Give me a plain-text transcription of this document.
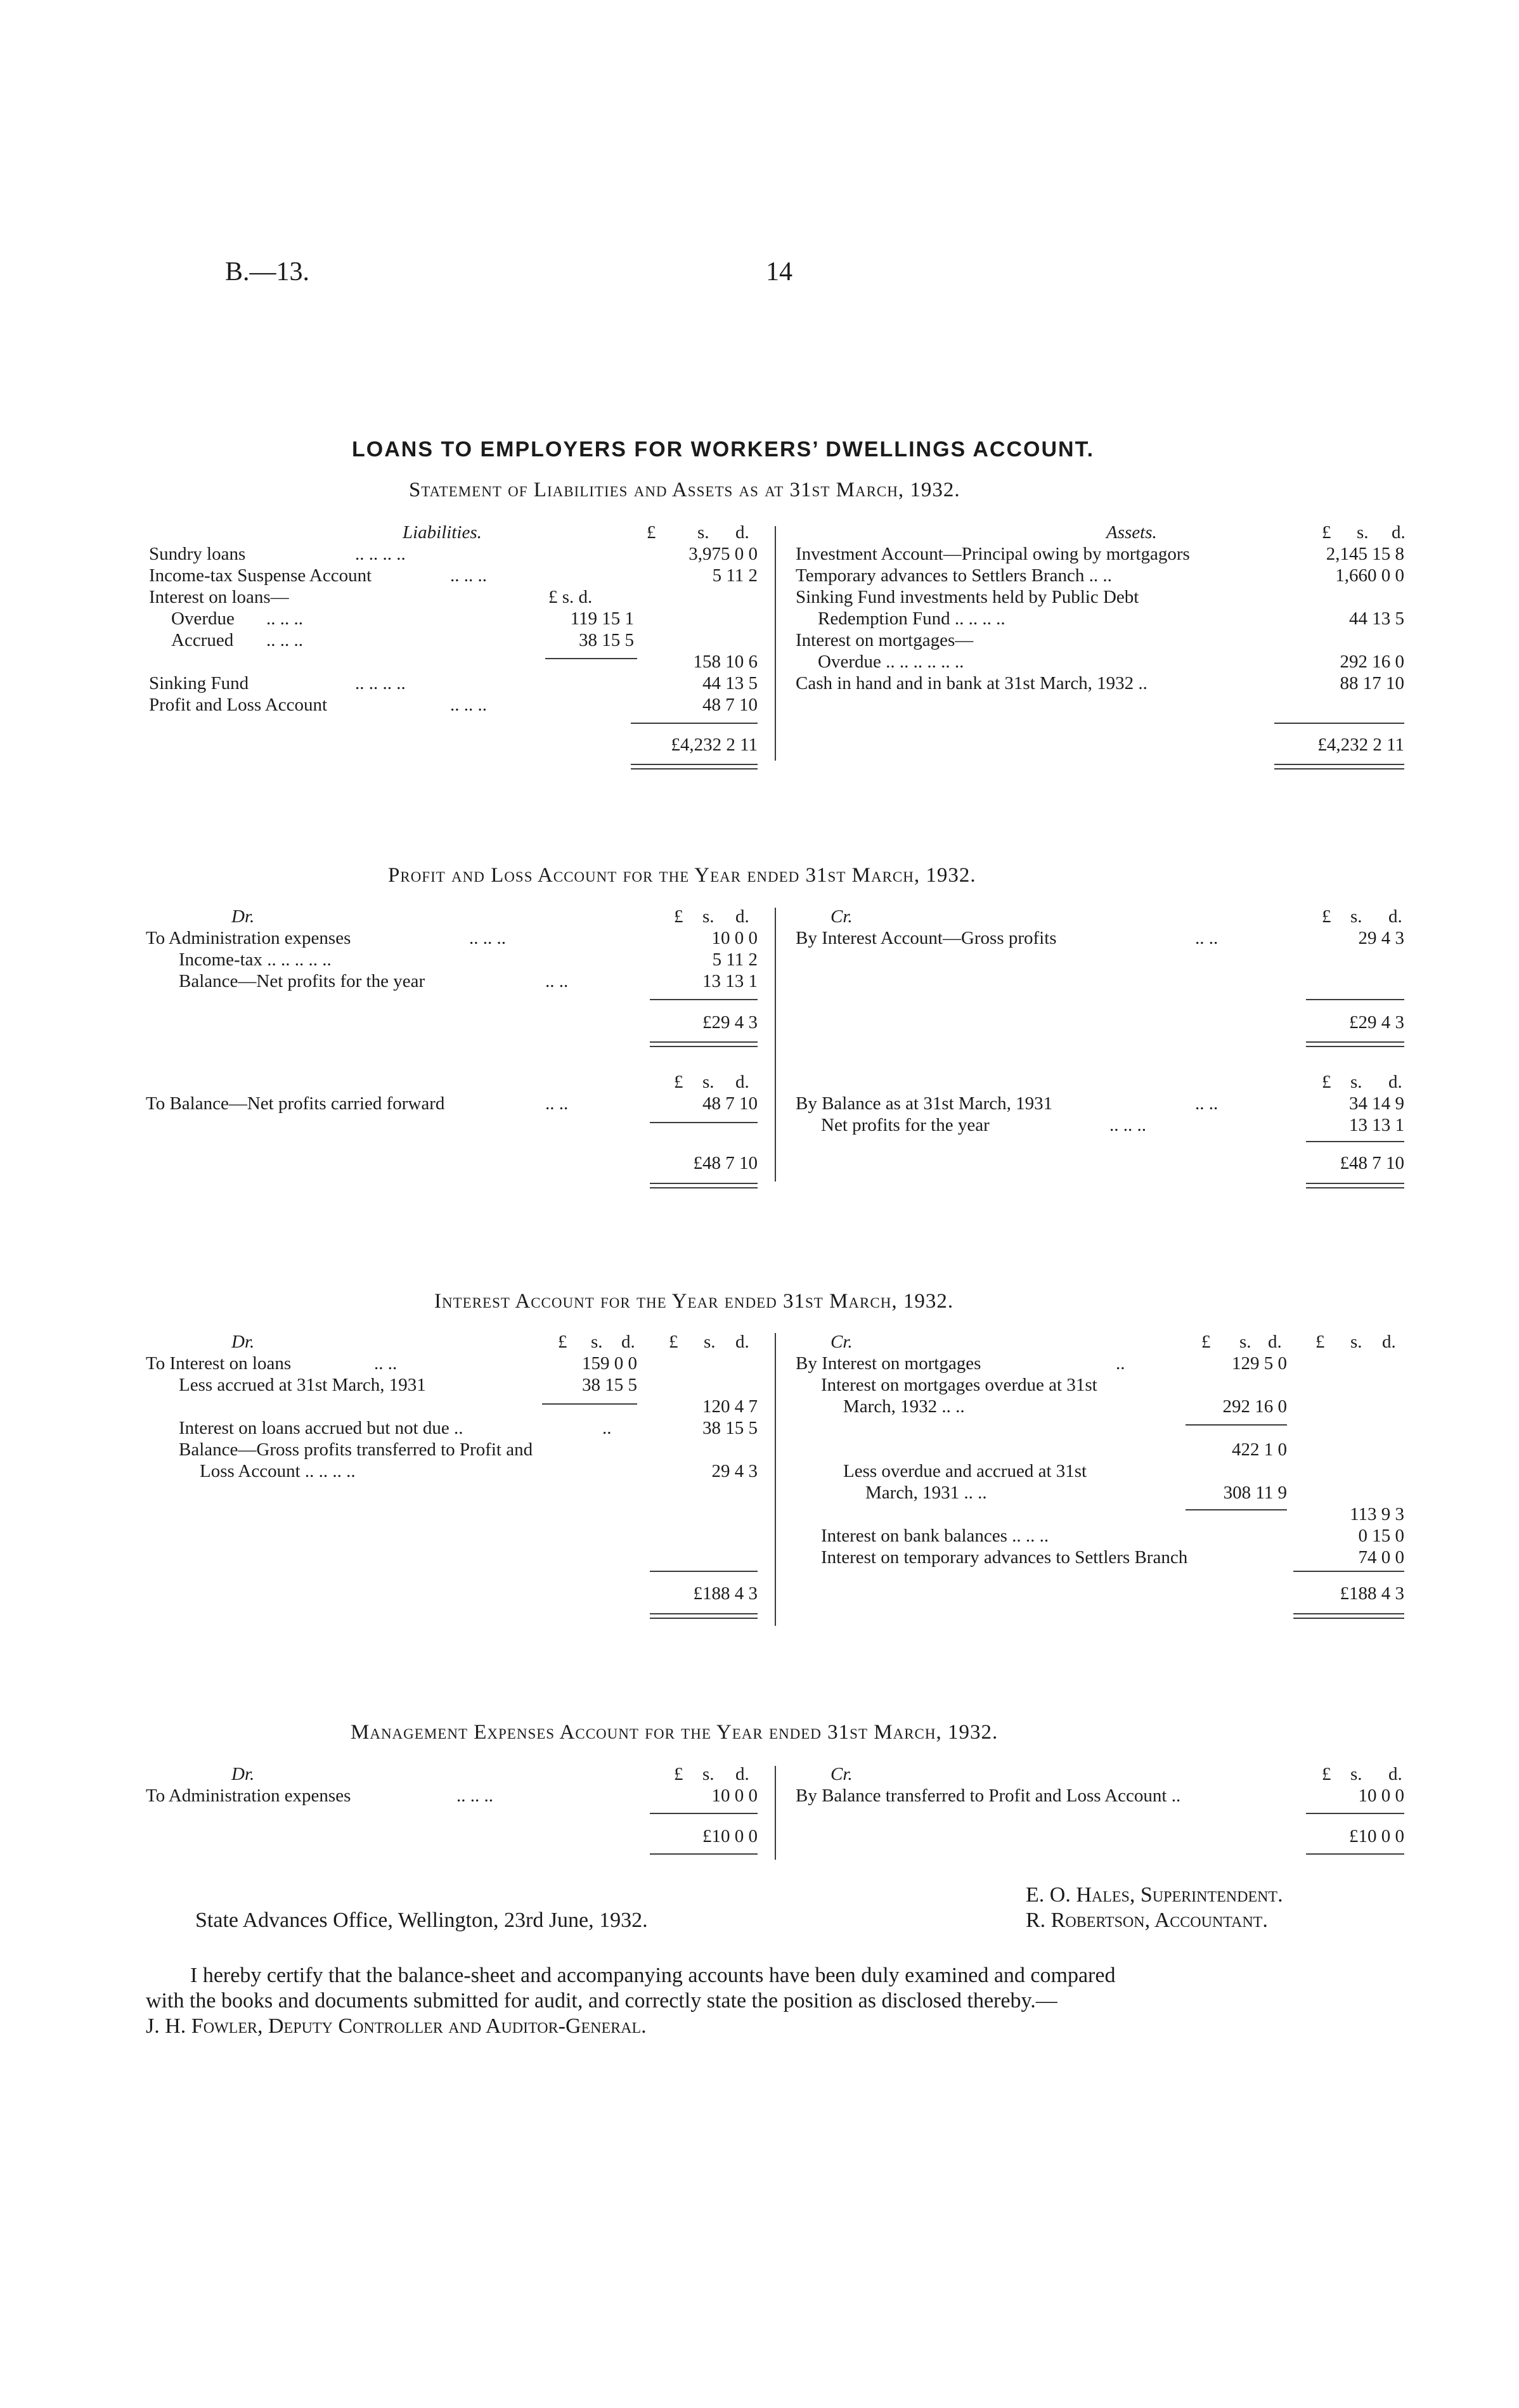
B.—13.	14
LOANS TO EMPLOYERS FOR WORKERS’ DWELLINGS ACCOUNT.
Statement of Liabilities and Assets as at 31st March, 1932.
Liabilities.	£ s. d.
Sundry loans	.. .. .. ..	3,975 0 0
Income-tax Suspense Account	.. .. ..	5 11 2
Interest on loans—	£ s. d.
Overdue .. .. ..	119 15 1
Accrued .. .. ..	38 15 5
158 10 6
Sinking Fund	.. .. .. ..	44 13 5
Profit and Loss Account	.. .. ..	48 7 10
£4,232 2 11
Assets.	£ s. d.
Investment Account—Principal owing by mortgagors	2,145 15 8
Temporary advances to Settlers Branch .. ..	1,660 0 0
Sinking Fund investments held by Public Debt
Redemption Fund .. .. .. ..	44 13 5
Interest on mortgages—
Overdue .. .. .. .. .. ..	292 16 0
Cash in hand and in bank at 31st March, 1932 ..	88 17 10
£4,232 2 11
Profit and Loss Account for the Year ended 31st March, 1932.
Dr.	£ s. d.
To Administration expenses	.. .. ..	10 0 0
Income-tax .. .. .. .. ..	5 11 2
Balance—Net profits for the year	.. ..	13 13 1
£29 4 3
£ s. d.
To Balance—Net profits carried forward	.. ..	48 7 10
£48 7 10
Cr.	£ s. d.
By Interest Account—Gross profits	.. ..	29 4 3
£29 4 3
£ s. d.
By Balance as at 31st March, 1931	.. ..	34 14 9
Net profits for the year	.. .. ..	13 13 1
£48 7 10
Interest Account for the Year ended 31st March, 1932.
Dr.	£ s. d. £ s. d.
To Interest on loans	.. ..	159 0 0
Less accrued at 31st March, 1931	38 15 5
120 4 7
Interest on loans accrued but not due ..	..	38 15 5
Balance—Gross profits transferred to Profit and
Loss Account .. .. .. ..	29 4 3
£188 4 3
Cr.	£ s. d. £ s. d.
By Interest on mortgages	..	129 5 0
Interest on mortgages overdue at 31st
March, 1932 .. ..	292 16 0
422 1 0
Less overdue and accrued at 31st
March, 1931 .. ..	308 11 9
113 9 3
Interest on bank balances .. .. ..	0 15 0
Interest on temporary advances to Settlers Branch	74 0 0
£188 4 3
Management Expenses Account for the Year ended 31st March, 1932.
Dr.	£ s. d.
To Administration expenses	.. .. ..	10 0 0
£10 0 0
Cr.	£ s. d.
By Balance transferred to Profit and Loss Account ..	10 0 0
£10 0 0
E. O. Hales, Superintendent.
State Advances Office, Wellington, 23rd June, 1932.	R. Robertson, Accountant.
I hereby certify that the balance-sheet and accompanying accounts have been duly examined and compared
with the books and documents submitted for audit, and correctly state the position as disclosed thereby.—
J. H. Fowler, Deputy Controller and Auditor-General.
